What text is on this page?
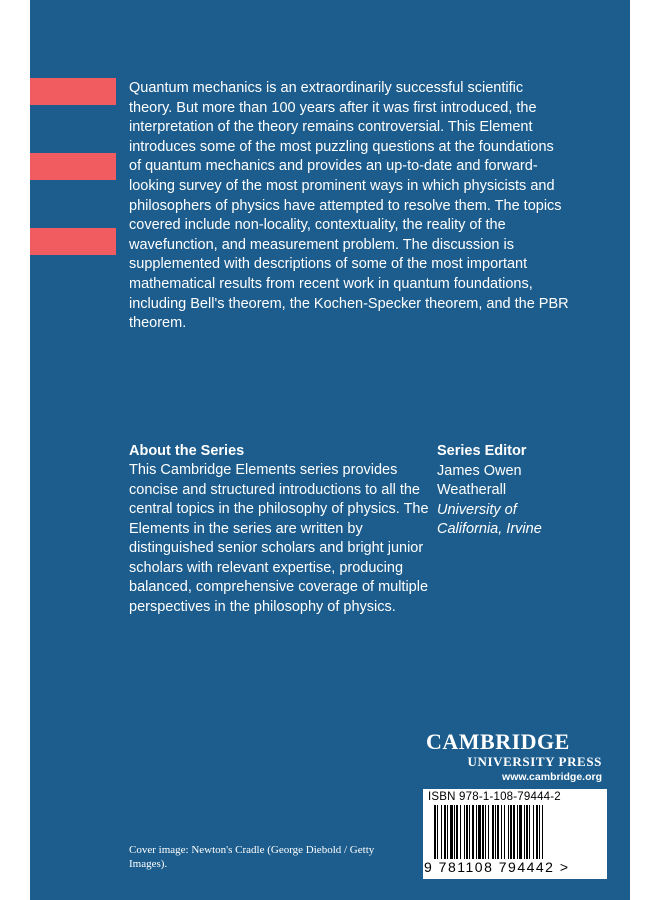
Quantum mechanics is an extraordinarily successful scientific theory. But more than 100 years after it was first introduced, the interpretation of the theory remains controversial. This Element introduces some of the most puzzling questions at the foundations of quantum mechanics and provides an up-to-date and forward-looking survey of the most prominent ways in which physicists and philosophers of physics have attempted to resolve them. The topics covered include non-locality, contextuality, the reality of the wavefunction, and measurement problem. The discussion is supplemented with descriptions of some of the most important mathematical results from recent work in quantum foundations, including Bell's theorem, the Kochen-Specker theorem, and the PBR theorem.

About the Series

This Cambridge Elements series provides concise and structured introductions to all the central topics in the philosophy of physics. The Elements in the series are written by distinguished senior scholars and bright junior scholars with relevant expertise, producing balanced, comprehensive coverage of multiple perspectives in the philosophy of physics.

Series Editor
James Owen
Weatherall
University of
California, Irvine
CAMBRIDGE
UNIVERSITY PRESS
www.cambridge.org
ISBN 978-1-108-79444-2
9 781108 794442 >

Cover image: Newton's Cradle (George Diebold / Getty Images).
